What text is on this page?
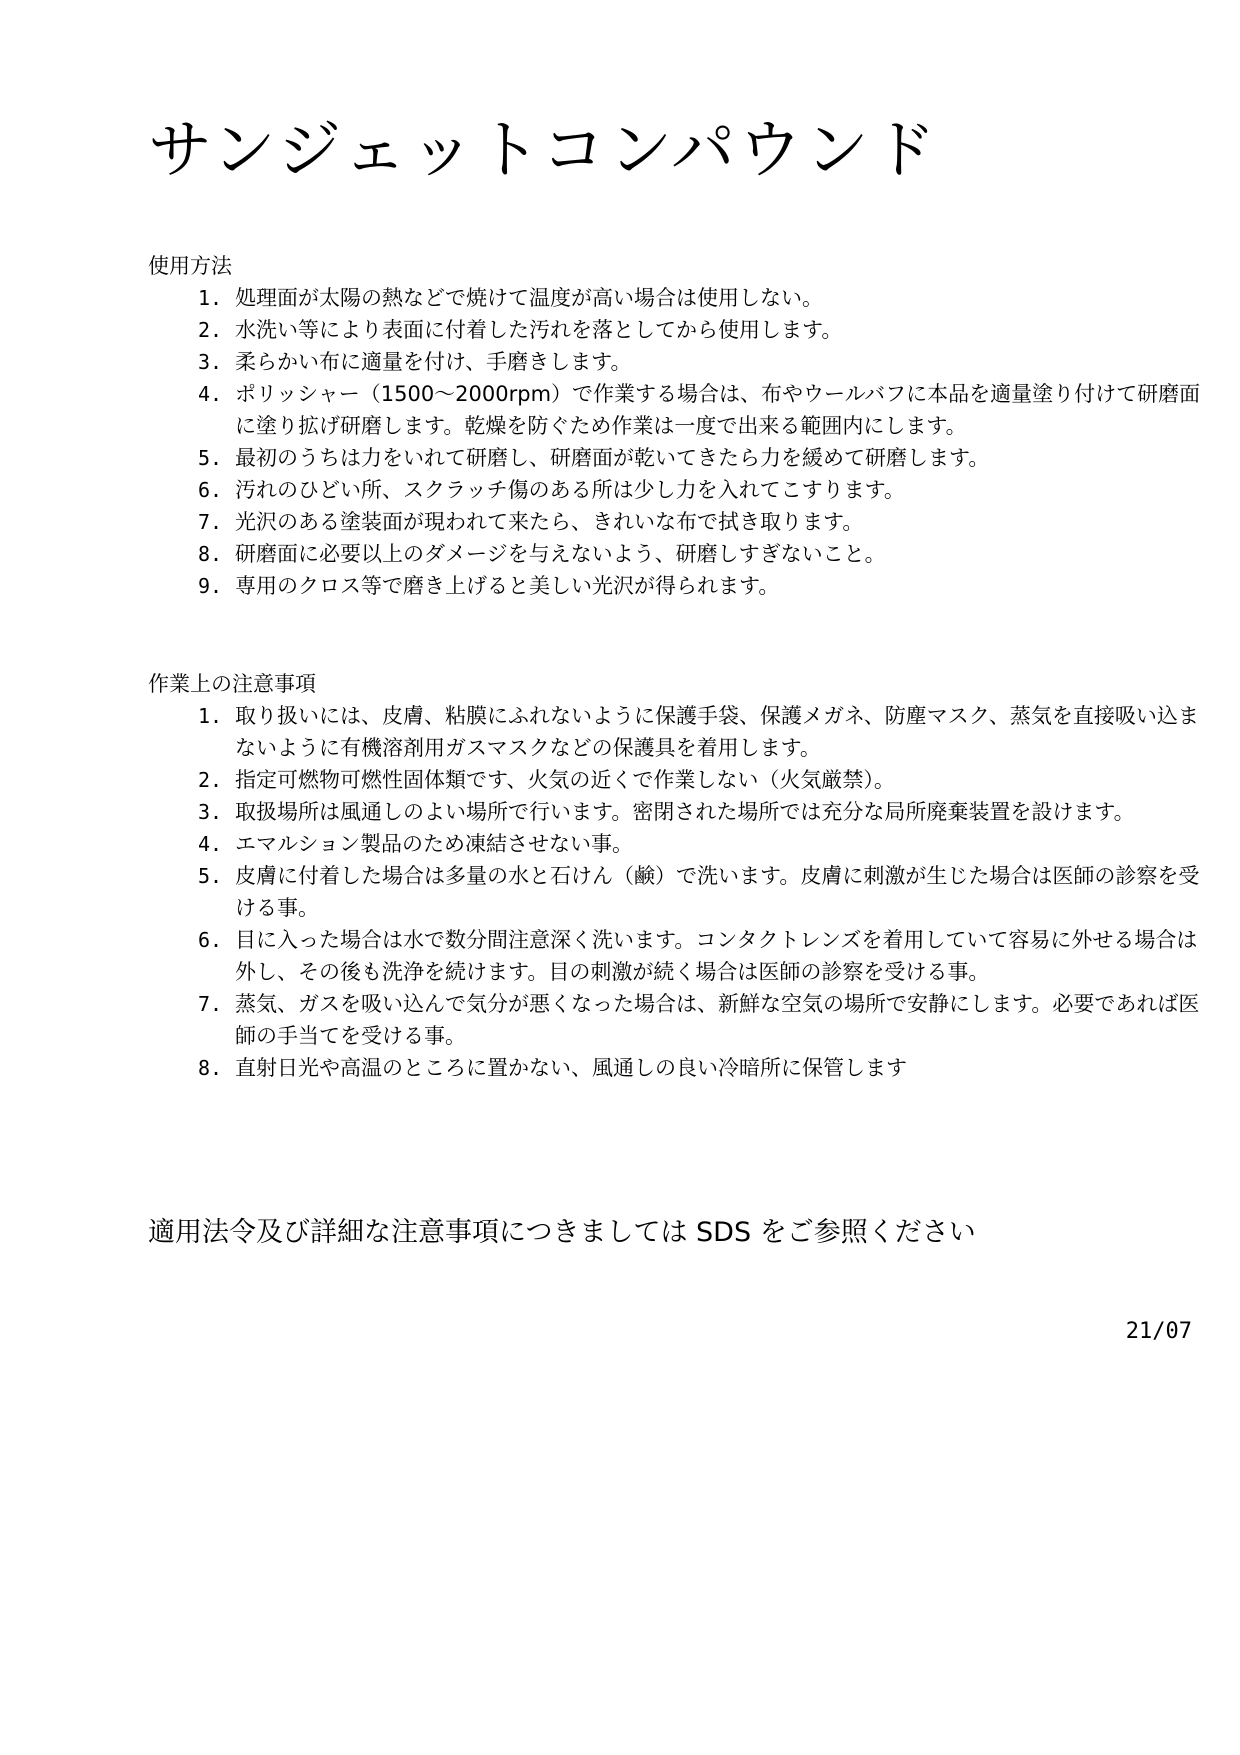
サンジェットコンパウンド
使用方法
1. 処理面が太陽の熱などで焼けて温度が高い場合は使用しない。
2. 水洗い等により表面に付着した汚れを落としてから使用します。
3. 柔らかい布に適量を付け、手磨きします。
4. ポリッシャー（1500～2000rpm）で作業する場合は、布やウールバフに本品を適量塗り付けて研磨面に塗り拡げ研磨します。乾燥を防ぐため作業は一度で出来る範囲内にします。
5. 最初のうちは力をいれて研磨し、研磨面が乾いてきたら力を緩めて研磨します。
6. 汚れのひどい所、スクラッチ傷のある所は少し力を入れてこすります。
7. 光沢のある塗装面が現われて来たら、きれいな布で拭き取ります。
8. 研磨面に必要以上のダメージを与えないよう、研磨しすぎないこと。
9. 専用のクロス等で磨き上げると美しい光沢が得られます。
作業上の注意事項
1. 取り扱いには、皮膚、粘膜にふれないように保護手袋、保護メガネ、防塵マスク、蒸気を直接吸い込まないように有機溶剤用ガスマスクなどの保護具を着用します。
2. 指定可燃物可燃性固体類です、火気の近くで作業しない（火気厳禁）。
3. 取扱場所は風通しのよい場所で行います。密閉された場所では充分な局所廃棄装置を設けます。
4. エマルション製品のため凍結させない事。
5. 皮膚に付着した場合は多量の水と石けん（鹸）で洗います。皮膚に刺激が生じた場合は医師の診察を受ける事。
6. 目に入った場合は水で数分間注意深く洗います。コンタクトレンズを着用していて容易に外せる場合は外し、その後も洗浄を続けます。目の刺激が続く場合は医師の診察を受ける事。
7. 蒸気、ガスを吸い込んで気分が悪くなった場合は、新鮮な空気の場所で安静にします。必要であれば医師の手当てを受ける事。
8. 直射日光や高温のところに置かない、風通しの良い冷暗所に保管します
適用法令及び詳細な注意事項につきましては SDS をご参照ください
21/07
